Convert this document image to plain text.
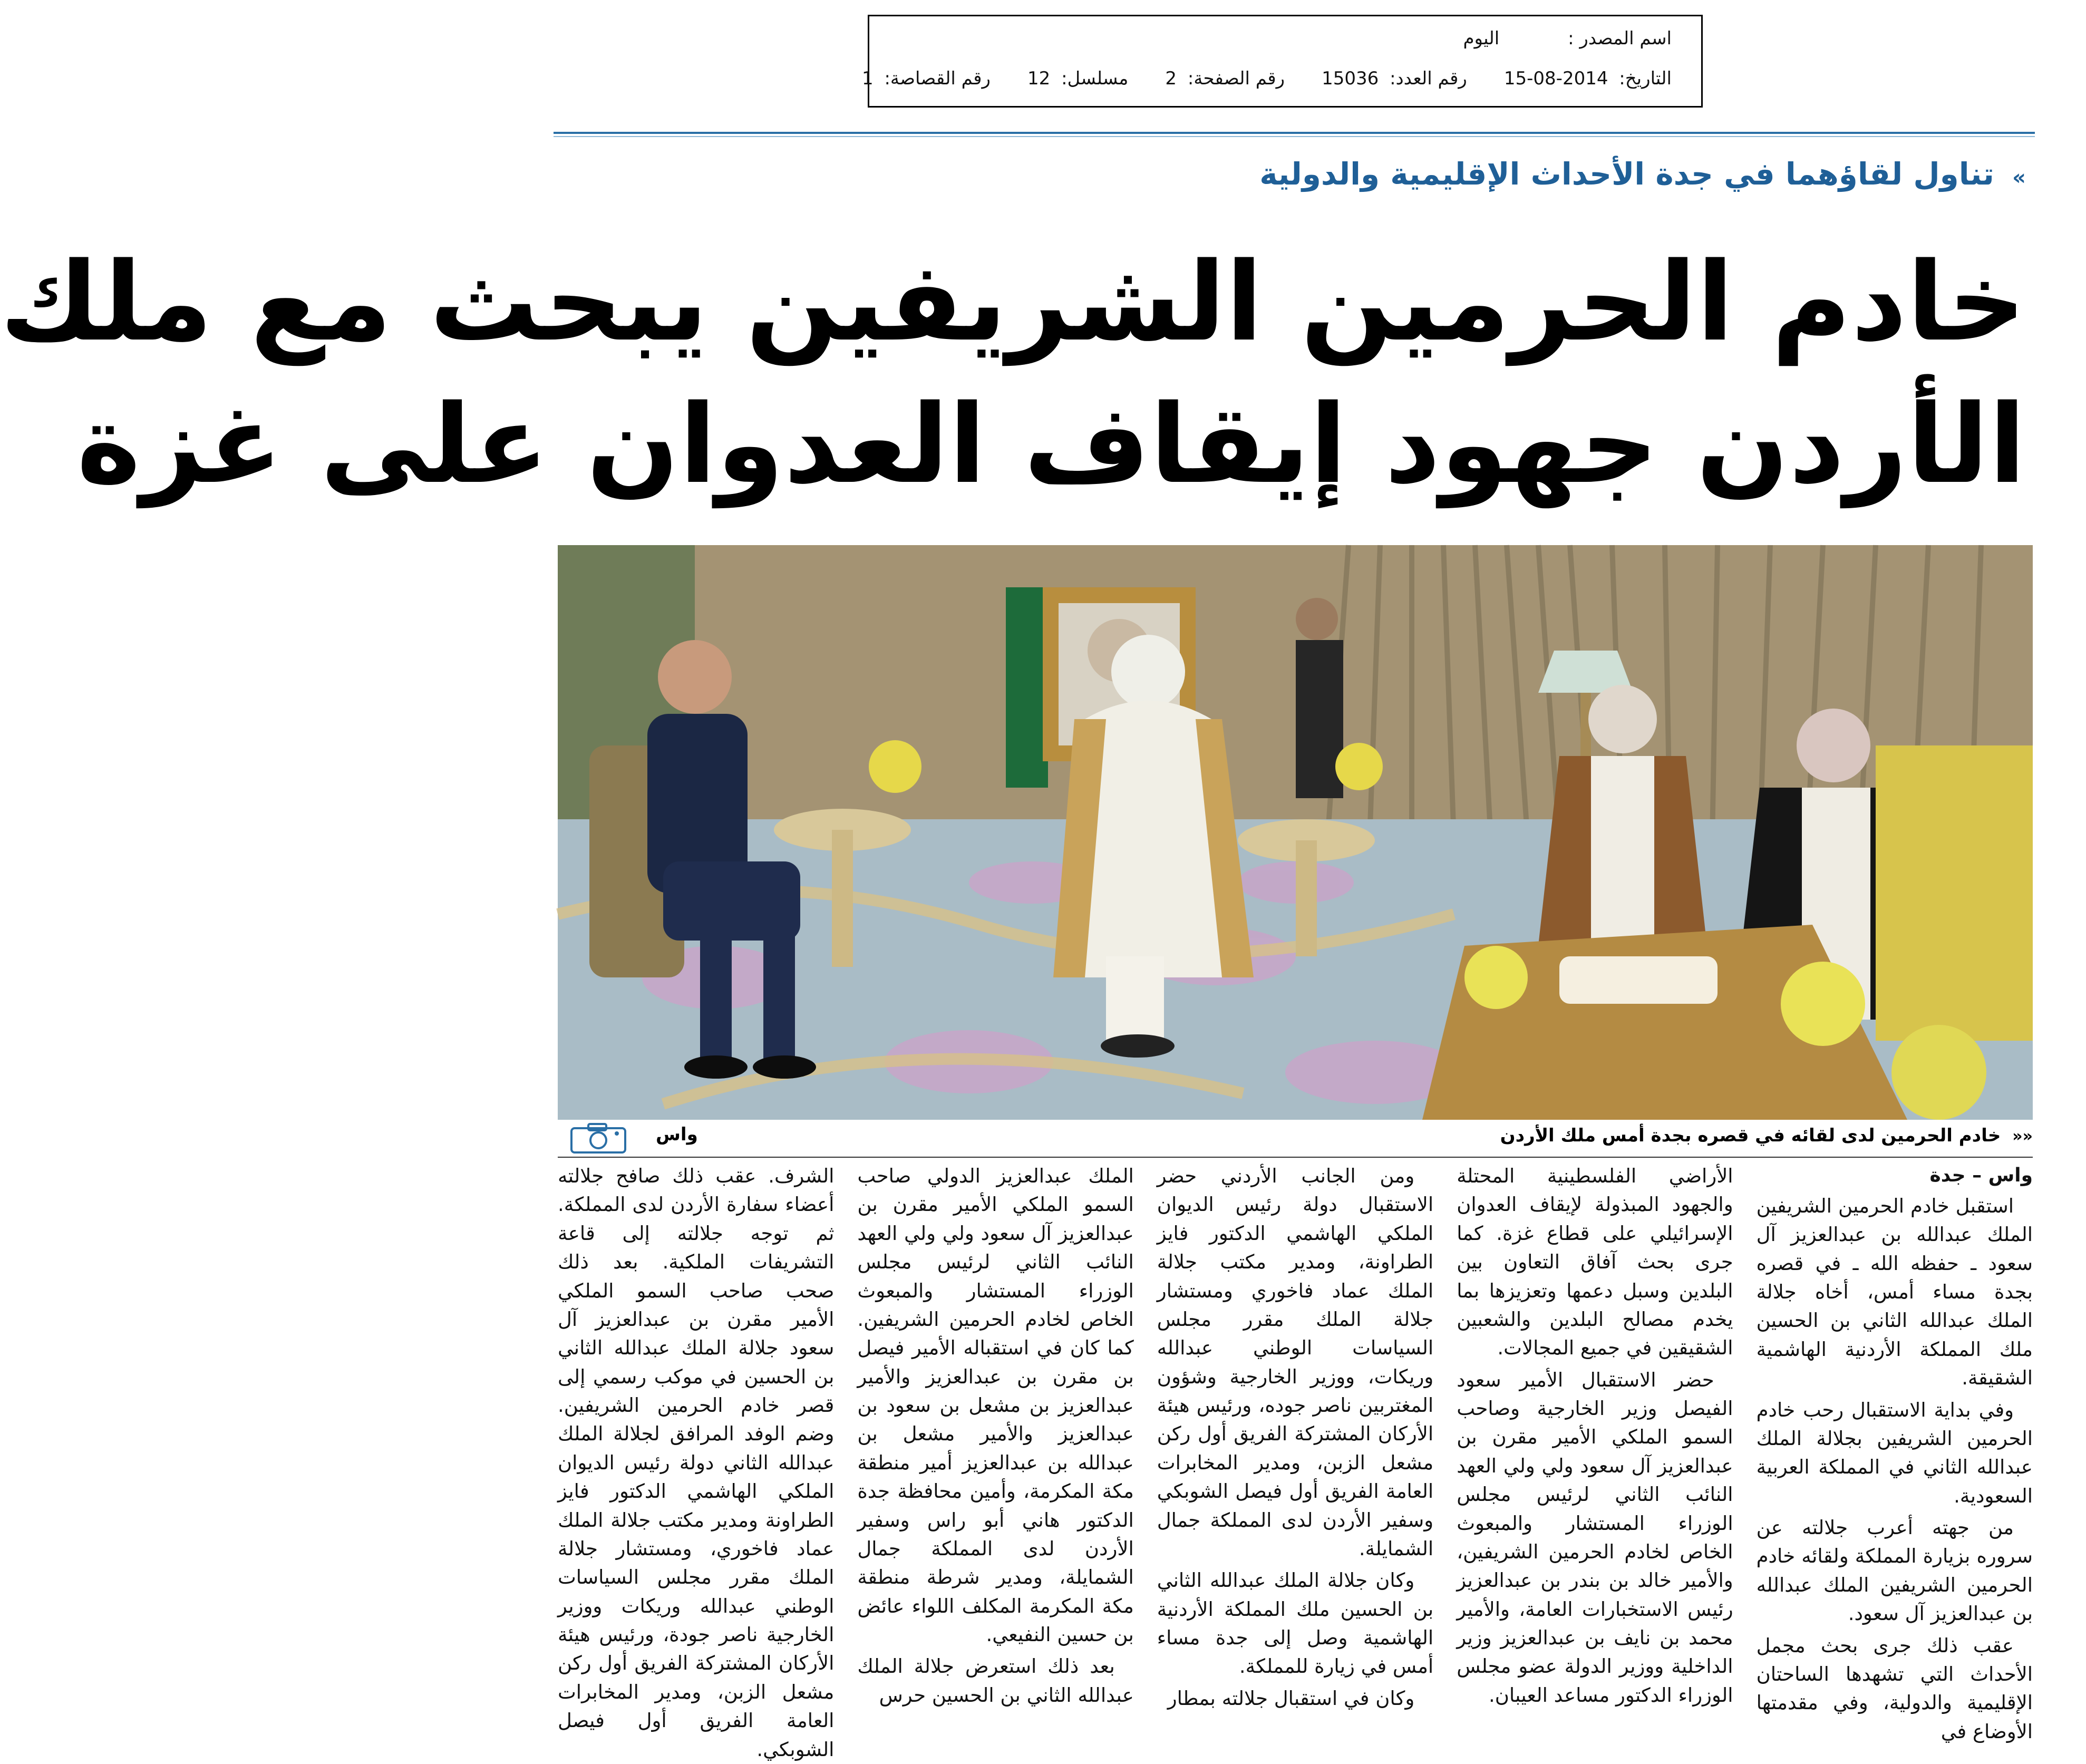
اسم المصدر :
اليوم
التاريخ: 2014-08-15
رقم العدد: 15036
رقم الصفحة: 2
مسلسل: 12
رقم القصاصة: 1
» تناول لقاؤهما في جدة الأحداث الإقليمية والدولية
خادم الحرمين الشريفين يبحث مع ملك
الأردن جهود إيقاف العدوان على غزة
«« خادم الحرمين لدى لقائه في قصره بجدة أمس ملك الأردن
واس
واس – جدة

استقبل خادم الحرمين الشريفين الملك عبدالله بن عبدالعزيز آل سعود ـ حفظه الله ـ في قصره بجدة مساء أمس، أخاه جلالة الملك عبدالله الثاني بن الحسين ملك المملكة الأردنية الهاشمية الشقيقة.

وفي بداية الاستقبال رحب خادم الحرمين الشريفين بجلالة الملك عبدالله الثاني في المملكة العربية السعودية.

من جهته أعرب جلالته عن سروره بزيارة المملكة ولقائه خادم الحرمين الشريفين الملك عبدالله بن عبدالعزيز آل سعود.

عقب ذلك جرى بحث مجمل الأحداث التي تشهدها الساحتان الإقليمية والدولية، وفي مقدمتها الأوضاع في

الأراضي الفلسطينية المحتلة والجهود المبذولة لإيقاف العدوان الإسرائيلي على قطاع غزة. كما جرى بحث آفاق التعاون بين البلدين وسبل دعمها وتعزيزها بما يخدم مصالح البلدين والشعبين الشقيقين في جميع المجالات.

حضر الاستقبال الأمير سعود الفيصل وزير الخارجية وصاحب السمو الملكي الأمير مقرن بن عبدالعزيز آل سعود ولي ولي العهد النائب الثاني لرئيس مجلس الوزراء المستشار والمبعوث الخاص لخادم الحرمين الشريفين، والأمير خالد بن بندر بن عبدالعزيز رئيس الاستخبارات العامة، والأمير محمد بن نايف بن عبدالعزيز وزير الداخلية ووزير الدولة عضو مجلس الوزراء الدكتور مساعد العيبان.

ومن الجانب الأردني حضر الاستقبال دولة رئيس الديوان الملكي الهاشمي الدكتور فايز الطراونة، ومدير مكتب جلالة الملك عماد فاخوري ومستشار جلالة الملك مقرر مجلس السياسات الوطني عبدالله وريكات، ووزير الخارجية وشؤون المغتربين ناصر جوده، ورئيس هيئة الأركان المشتركة الفريق أول ركن مشعل الزبن، ومدير المخابرات العامة الفريق أول فيصل الشوبكي وسفير الأردن لدى المملكة جمال الشمايلة.

وكان جلالة الملك عبدالله الثاني بن الحسين ملك المملكة الأردنية الهاشمية وصل إلى جدة مساء أمس في زيارة للمملكة.

وكان في استقبال جلالته بمطار

الملك عبدالعزيز الدولي صاحب السمو الملكي الأمير مقرن بن عبدالعزيز آل سعود ولي ولي العهد النائب الثاني لرئيس مجلس الوزراء المستشار والمبعوث الخاص لخادم الحرمين الشريفين. كما كان في استقباله الأمير فيصل بن مقرن بن عبدالعزيز والأمير عبدالعزيز بن مشعل بن سعود بن عبدالعزيز والأمير مشعل بن عبدالله بن عبدالعزيز أمير منطقة مكة المكرمة، وأمين محافظة جدة الدكتور هاني أبو راس وسفير الأردن لدى المملكة جمال الشمايلة، ومدير شرطة منطقة مكة المكرمة المكلف اللواء عائض بن حسين النفيعي.

بعد ذلك استعرض جلالة الملك عبدالله الثاني بن الحسين حرس

الشرف. عقب ذلك صافح جلالته أعضاء سفارة الأردن لدى المملكة. ثم توجه جلالته إلى قاعة التشريفات الملكية. بعد ذلك صحب صاحب السمو الملكي الأمير مقرن بن عبدالعزيز آل سعود جلالة الملك عبدالله الثاني بن الحسين في موكب رسمي إلى قصر خادم الحرمين الشريفين. وضم الوفد المرافق لجلالة الملك عبدالله الثاني دولة رئيس الديوان الملكي الهاشمي الدكتور فايز الطراونة ومدير مكتب جلالة الملك عماد فاخوري، ومستشار جلالة الملك مقرر مجلس السياسات الوطني عبدالله وريكات ووزير الخارجية ناصر جودة، ورئيس هيئة الأركان المشتركة الفريق أول ركن مشعل الزبن، ومدير المخابرات العامة الفريق أول فيصل الشوبكي.
